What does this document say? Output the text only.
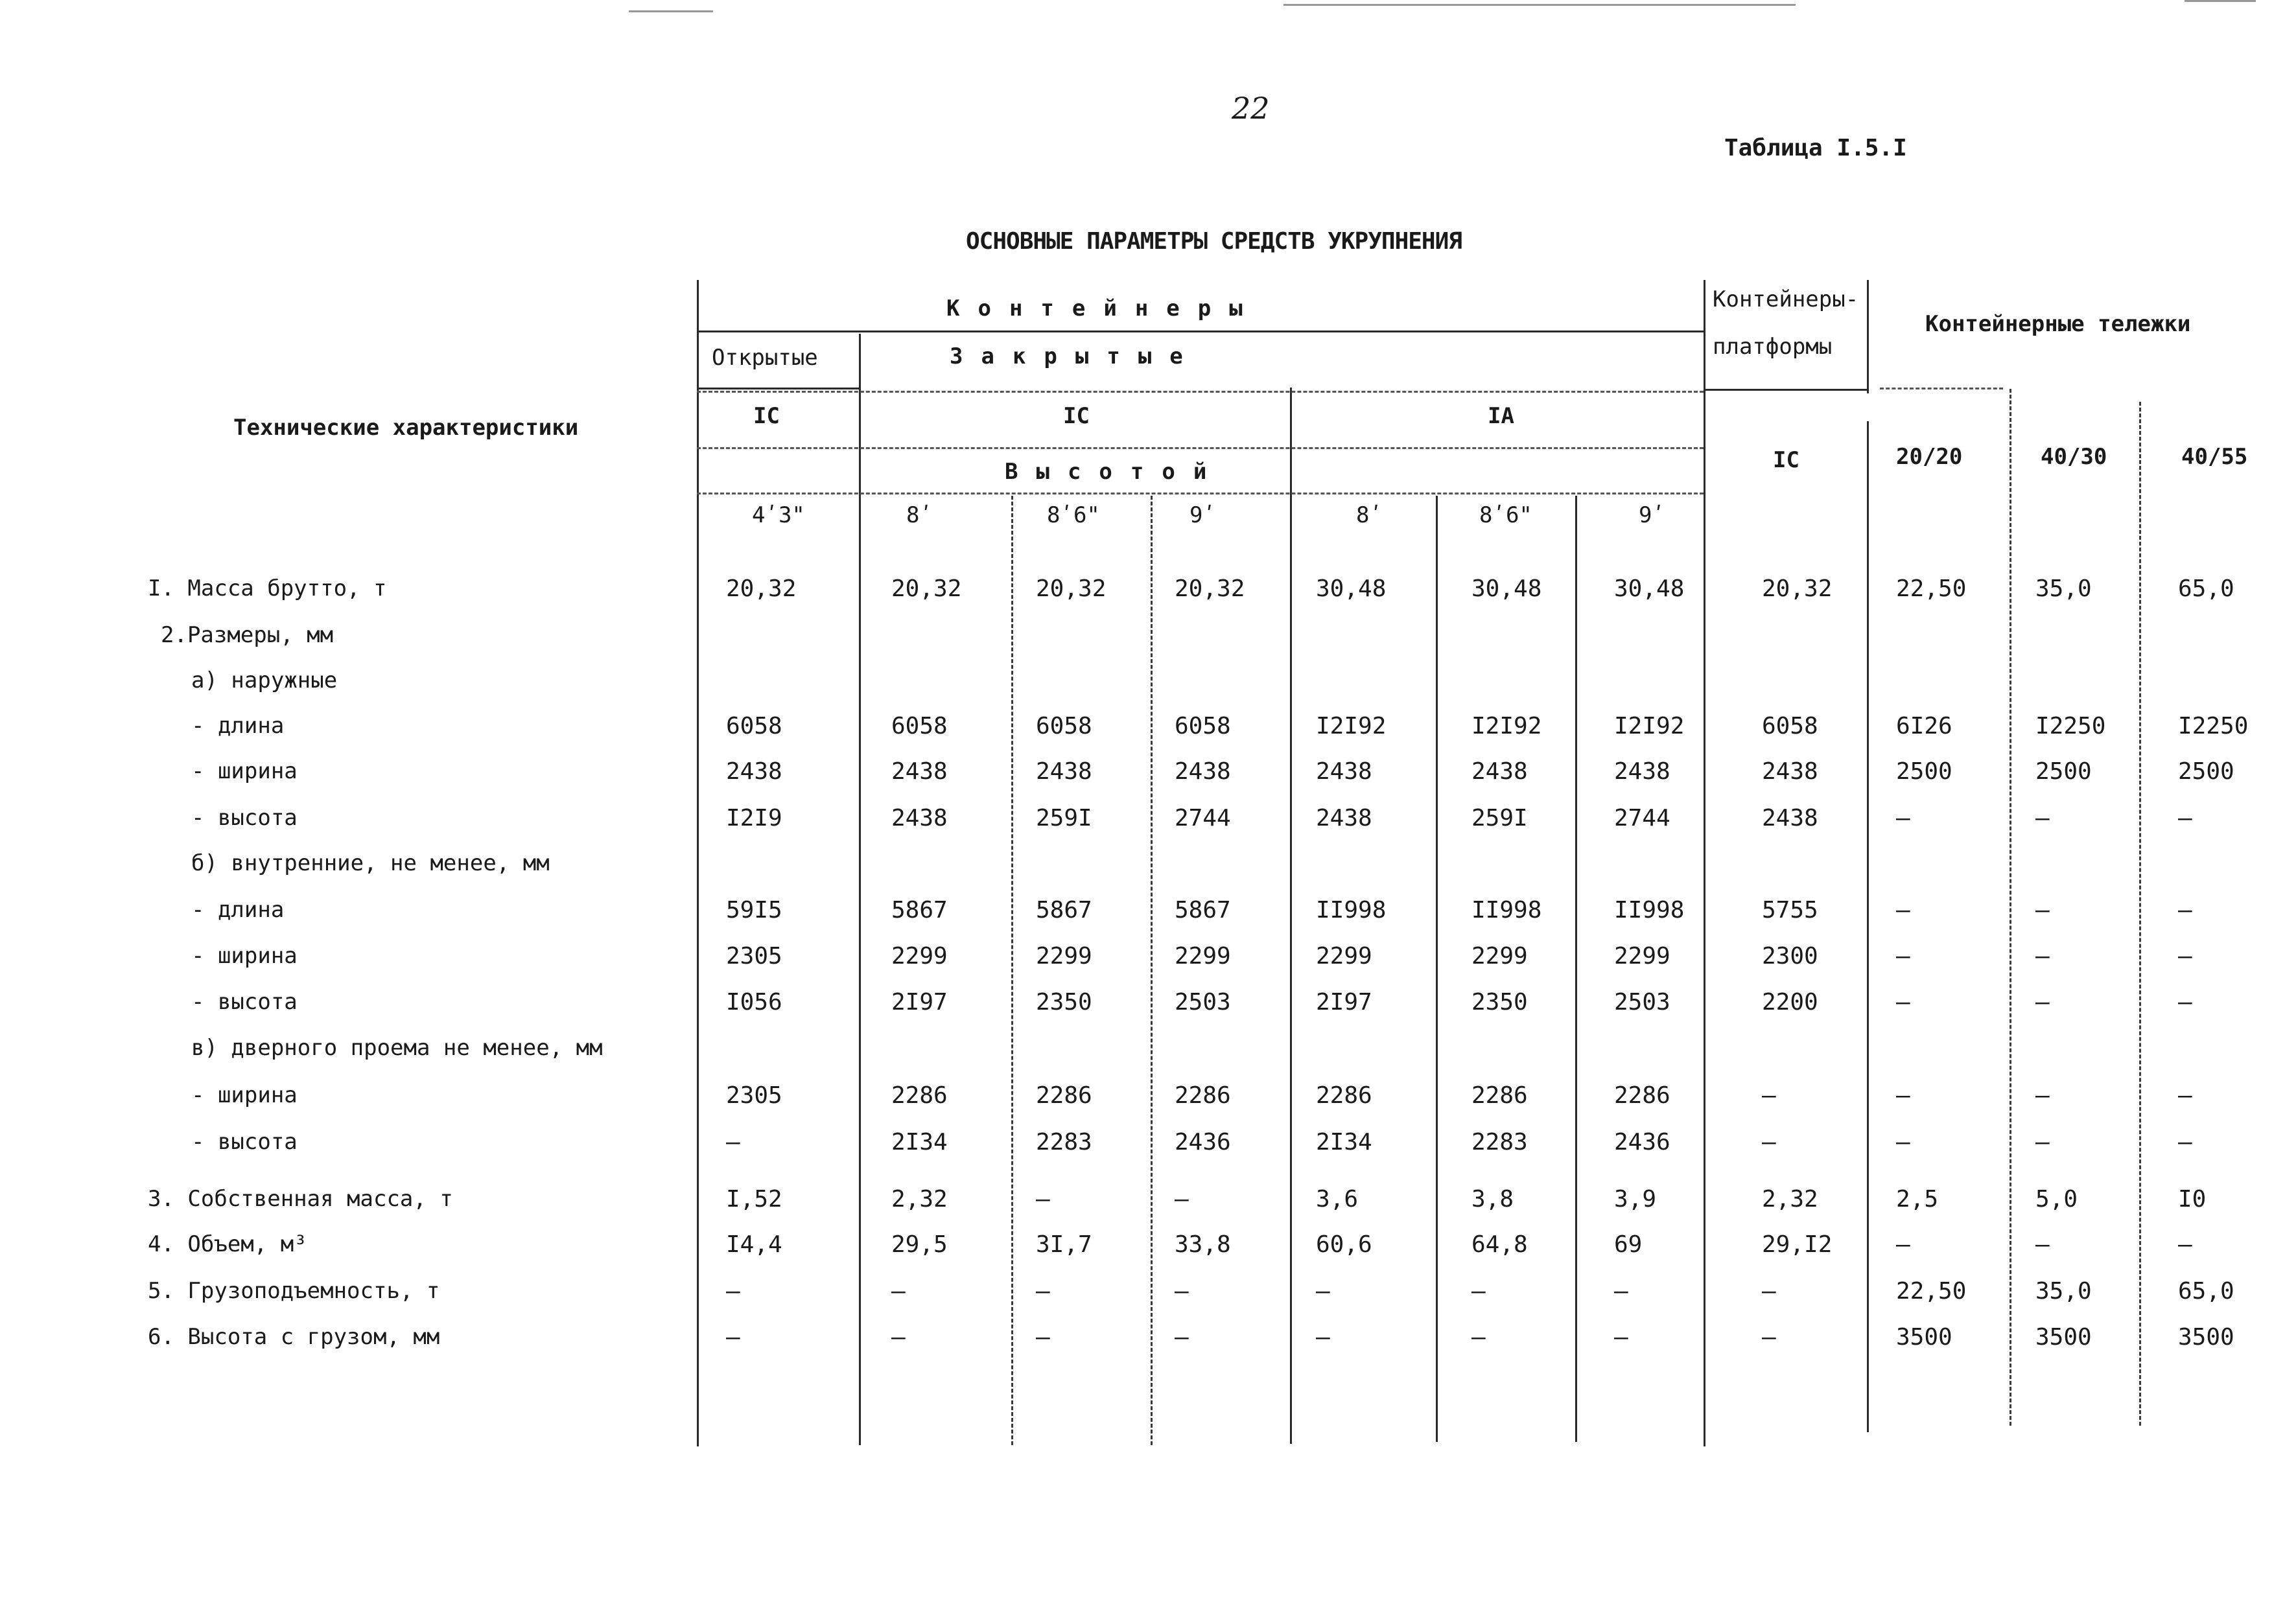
22
Таблица I.5.I
ОСНОВНЫЕ ПАРАМЕТРЫ СРЕДСТВ УКРУПНЕНИЯ
Технические характеристики
Контейнеры
Открытые	Закрытые
Контейнеры-
платформы
Контейнерные тележки
IC	IC	IA
IC
Высотой
4ʹ3"	8ʹ	8ʹ6"	9ʹ	8ʹ	8ʹ6"	9ʹ
20/20	40/30	40/55
I. Масса брутто, т	20,32	20,32	20,32	20,32	30,48	30,48	30,48	20,32	22,50	35,0	65,0
2.Размеры, мм
а) наружные
- длина	6058	6058	6058	6058	I2I92	I2I92	I2I92	6058	6I26	I2250	I2250
- ширина	2438	2438	2438	2438	2438	2438	2438	2438	2500	2500	2500
- высота	I2I9	2438	259I	2744	2438	259I	2744	2438	–	–	–
б) внутренние, не менее, мм
- длина	59I5	5867	5867	5867	II998	II998	II998	5755	–	–	–
- ширина	2305	2299	2299	2299	2299	2299	2299	2300	–	–	–
- высота	I056	2I97	2350	2503	2I97	2350	2503	2200	–	–	–
в) дверного проема не менее, мм
- ширина	2305	2286	2286	2286	2286	2286	2286	–	–	–	–
- высота	–	2I34	2283	2436	2I34	2283	2436	–	–	–	–
3. Собственная масса, т	I,52	2,32	–	–	3,6	3,8	3,9	2,32	2,5	5,0	I0
4. Объем, м³	I4,4	29,5	3I,7	33,8	60,6	64,8	69	29,I2	–	–	–
5. Грузоподъемность, т	–	–	–	–	–	–	–	–	22,50	35,0	65,0
6. Высота с грузом, мм	–	–	–	–	–	–	–	–	3500	3500	3500
